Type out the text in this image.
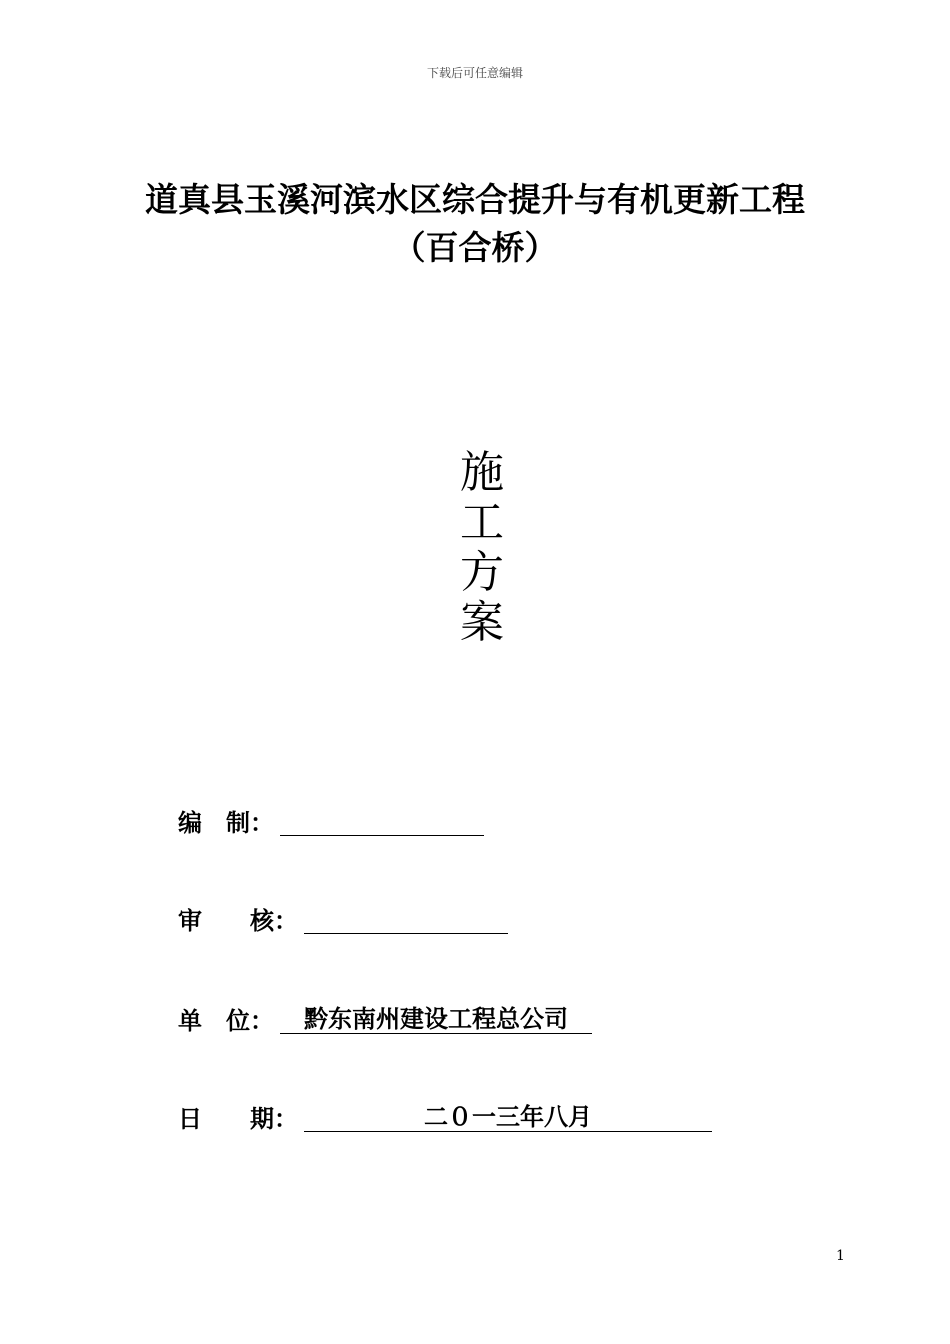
下载后可任意编辑
道真县玉溪河滨水区综合提升与有机更新工程
（百合桥）
施
工
方
案
编　制：
审　　核：
单　位： 　黔东南州建设工程总公司　
日　　期： 　　　　　二０一三年八月　　　　　
1
